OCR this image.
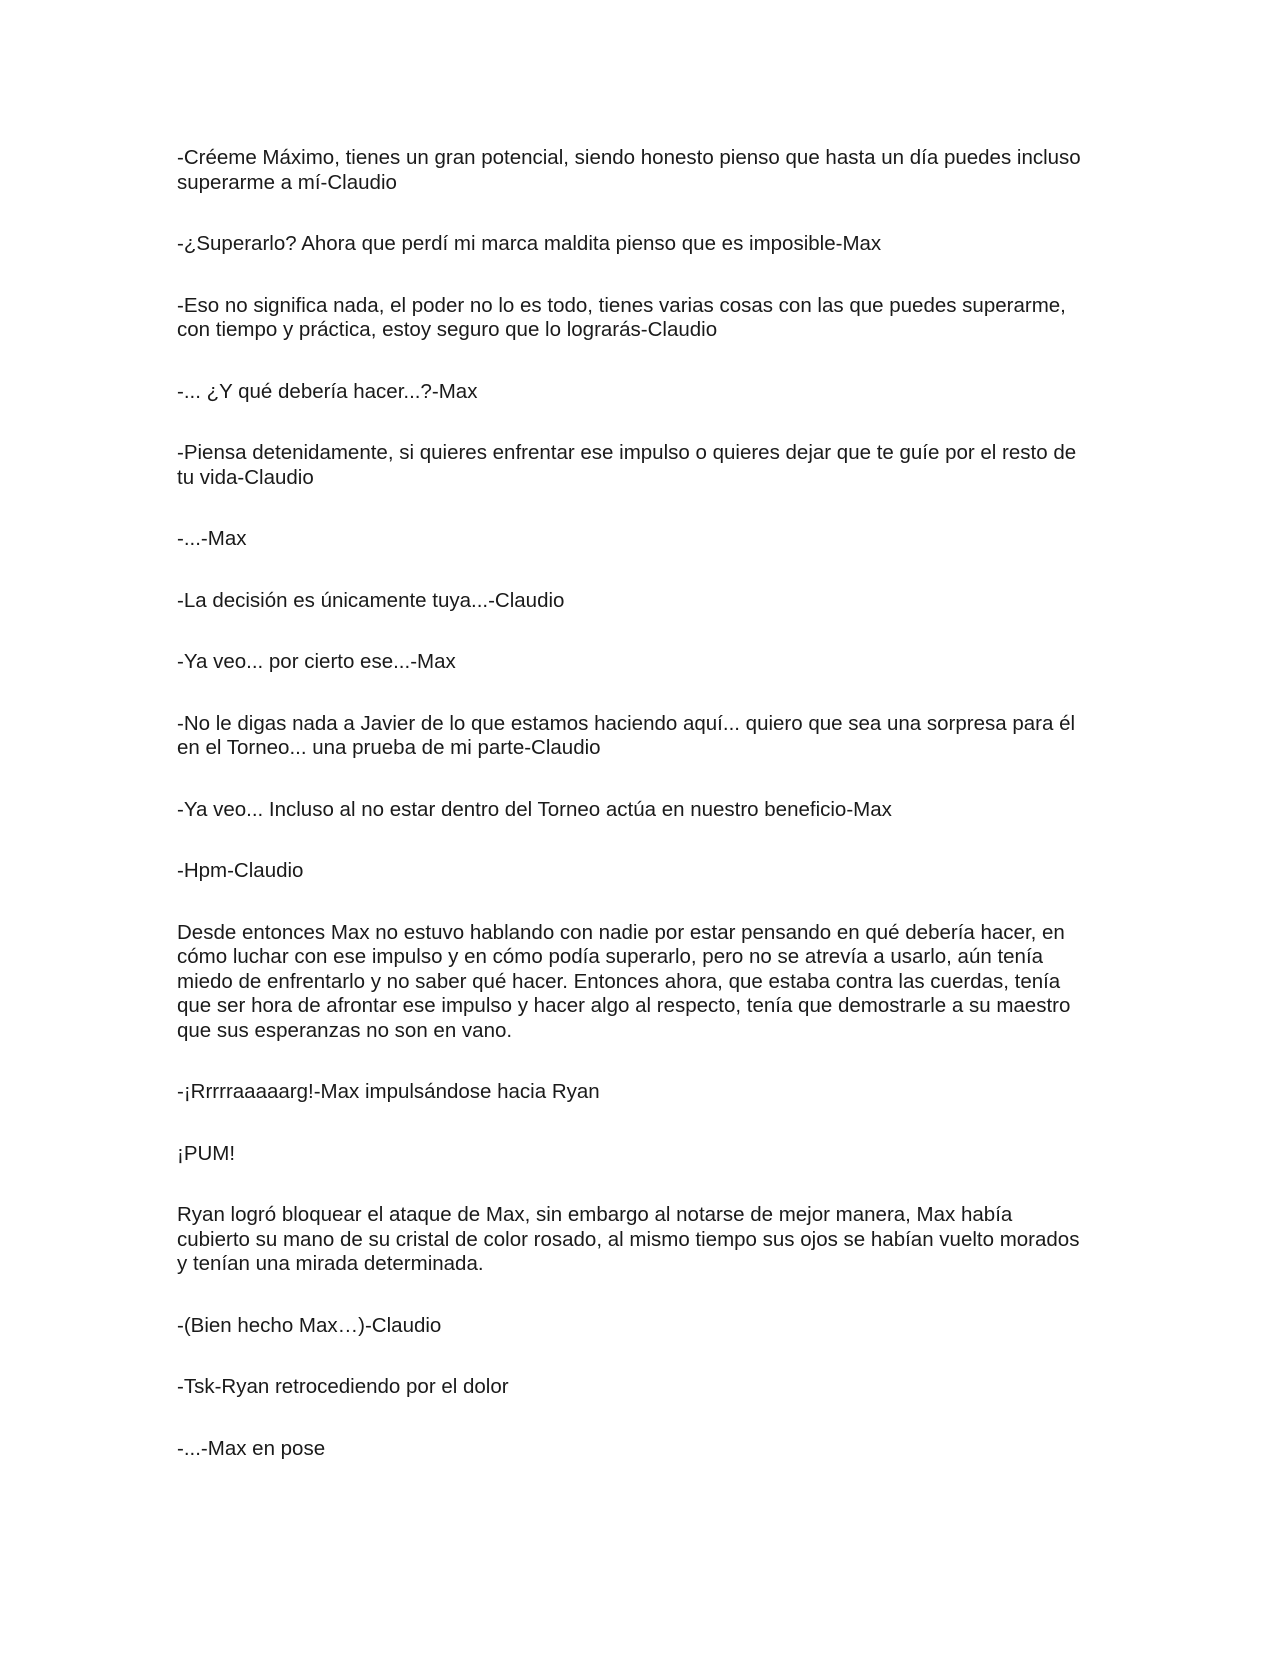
-Créeme Máximo, tienes un gran potencial, siendo honesto pienso que hasta un día puedes incluso
superarme a mí-Claudio

-¿Superarlo? Ahora que perdí mi marca maldita pienso que es imposible-Max

-Eso no significa nada, el poder no lo es todo, tienes varias cosas con las que puedes superarme,
con tiempo y práctica, estoy seguro que lo lograrás-Claudio

-... ¿Y qué debería hacer...?-Max

-Piensa detenidamente, si quieres enfrentar ese impulso o quieres dejar que te guíe por el resto de
tu vida-Claudio

-...-Max

-La decisión es únicamente tuya...-Claudio

-Ya veo... por cierto ese...-Max

-No le digas nada a Javier de lo que estamos haciendo aquí... quiero que sea una sorpresa para él
en el Torneo... una prueba de mi parte-Claudio

-Ya veo... Incluso al no estar dentro del Torneo actúa en nuestro beneficio-Max

-Hpm-Claudio

Desde entonces Max no estuvo hablando con nadie por estar pensando en qué debería hacer, en
cómo luchar con ese impulso y en cómo podía superarlo, pero no se atrevía a usarlo, aún tenía
miedo de enfrentarlo y no saber qué hacer. Entonces ahora, que estaba contra las cuerdas, tenía
que ser hora de afrontar ese impulso y hacer algo al respecto, tenía que demostrarle a su maestro
que sus esperanzas no son en vano.

-¡Rrrrraaaaarg!-Max impulsándose hacia Ryan

¡PUM!

Ryan logró bloquear el ataque de Max, sin embargo al notarse de mejor manera, Max había
cubierto su mano de su cristal de color rosado, al mismo tiempo sus ojos se habían vuelto morados
y tenían una mirada determinada.

-(Bien hecho Max…)-Claudio

-Tsk-Ryan retrocediendo por el dolor

-...-Max en pose
